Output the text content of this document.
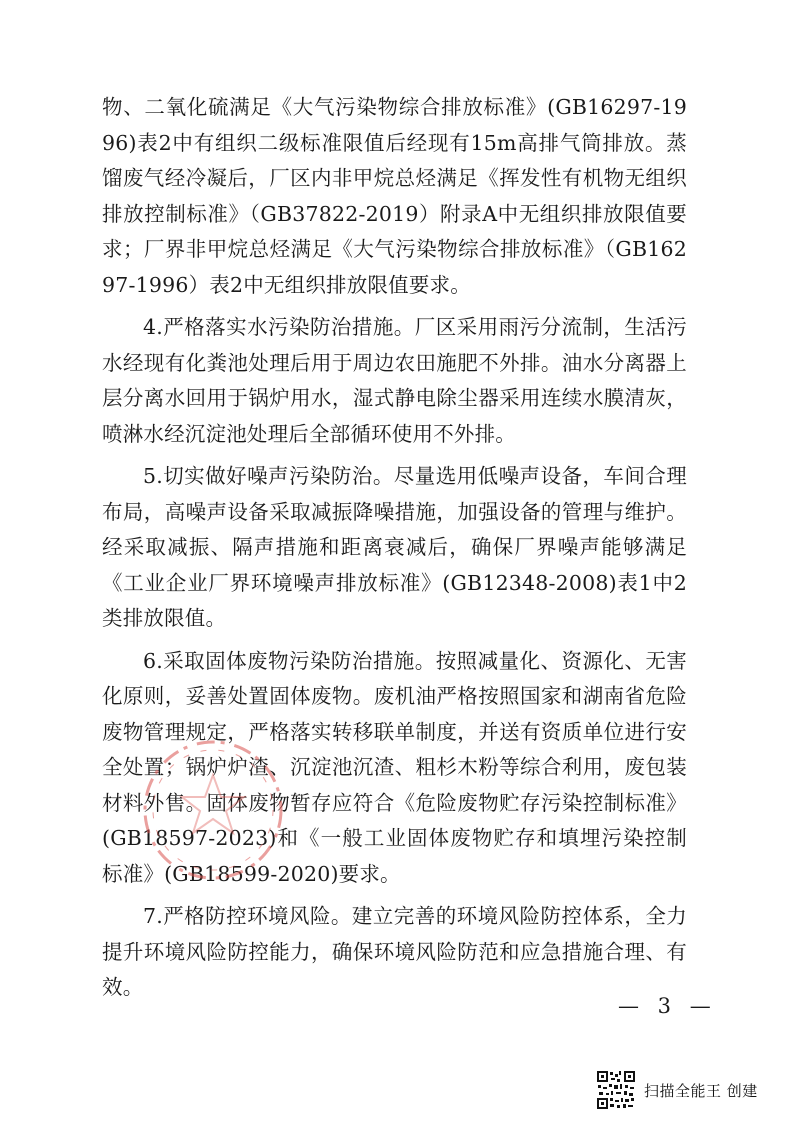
物、二氧化硫满足《大气污染物综合排放标准》(GB16297-1996)表2中有组织二级标准限值后经现有15m高排气筒排放。蒸馏废气经冷凝后，厂区内非甲烷总烃满足《挥发性有机物无组织排放控制标准》（GB37822-2019）附录A中无组织排放限值要求；厂界非甲烷总烃满足《大气污染物综合排放标准》（GB16297-1996）表2中无组织排放限值要求。

4.严格落实水污染防治措施。厂区采用雨污分流制，生活污水经现有化粪池处理后用于周边农田施肥不外排。油水分离器上层分离水回用于锅炉用水，湿式静电除尘器采用连续水膜清灰，喷淋水经沉淀池处理后全部循环使用不外排。

5.切实做好噪声污染防治。尽量选用低噪声设备，车间合理布局，高噪声设备采取减振降噪措施，加强设备的管理与维护。经采取减振、隔声措施和距离衰减后，确保厂界噪声能够满足《工业企业厂界环境噪声排放标准》(GB12348-2008)表1中2类排放限值。

6.采取固体废物污染防治措施。按照减量化、资源化、无害化原则，妥善处置固体废物。废机油严格按照国家和湖南省危险废物管理规定，严格落实转移联单制度，并送有资质单位进行安全处置；锅炉炉渣、沉淀池沉渣、粗杉木粉等综合利用，废包装材料外售。固体废物暂存应符合《危险废物贮存污染控制标准》(GB18597-2023)和《一般工业固体废物贮存和填埋污染控制标准》(GB18599-2020)要求。

7.严格防控环境风险。建立完善的环境风险防控体系，全力提升环境风险防控能力，确保环境风险防范和应急措施合理、有效。

— 3 —
扫描全能王 创建
